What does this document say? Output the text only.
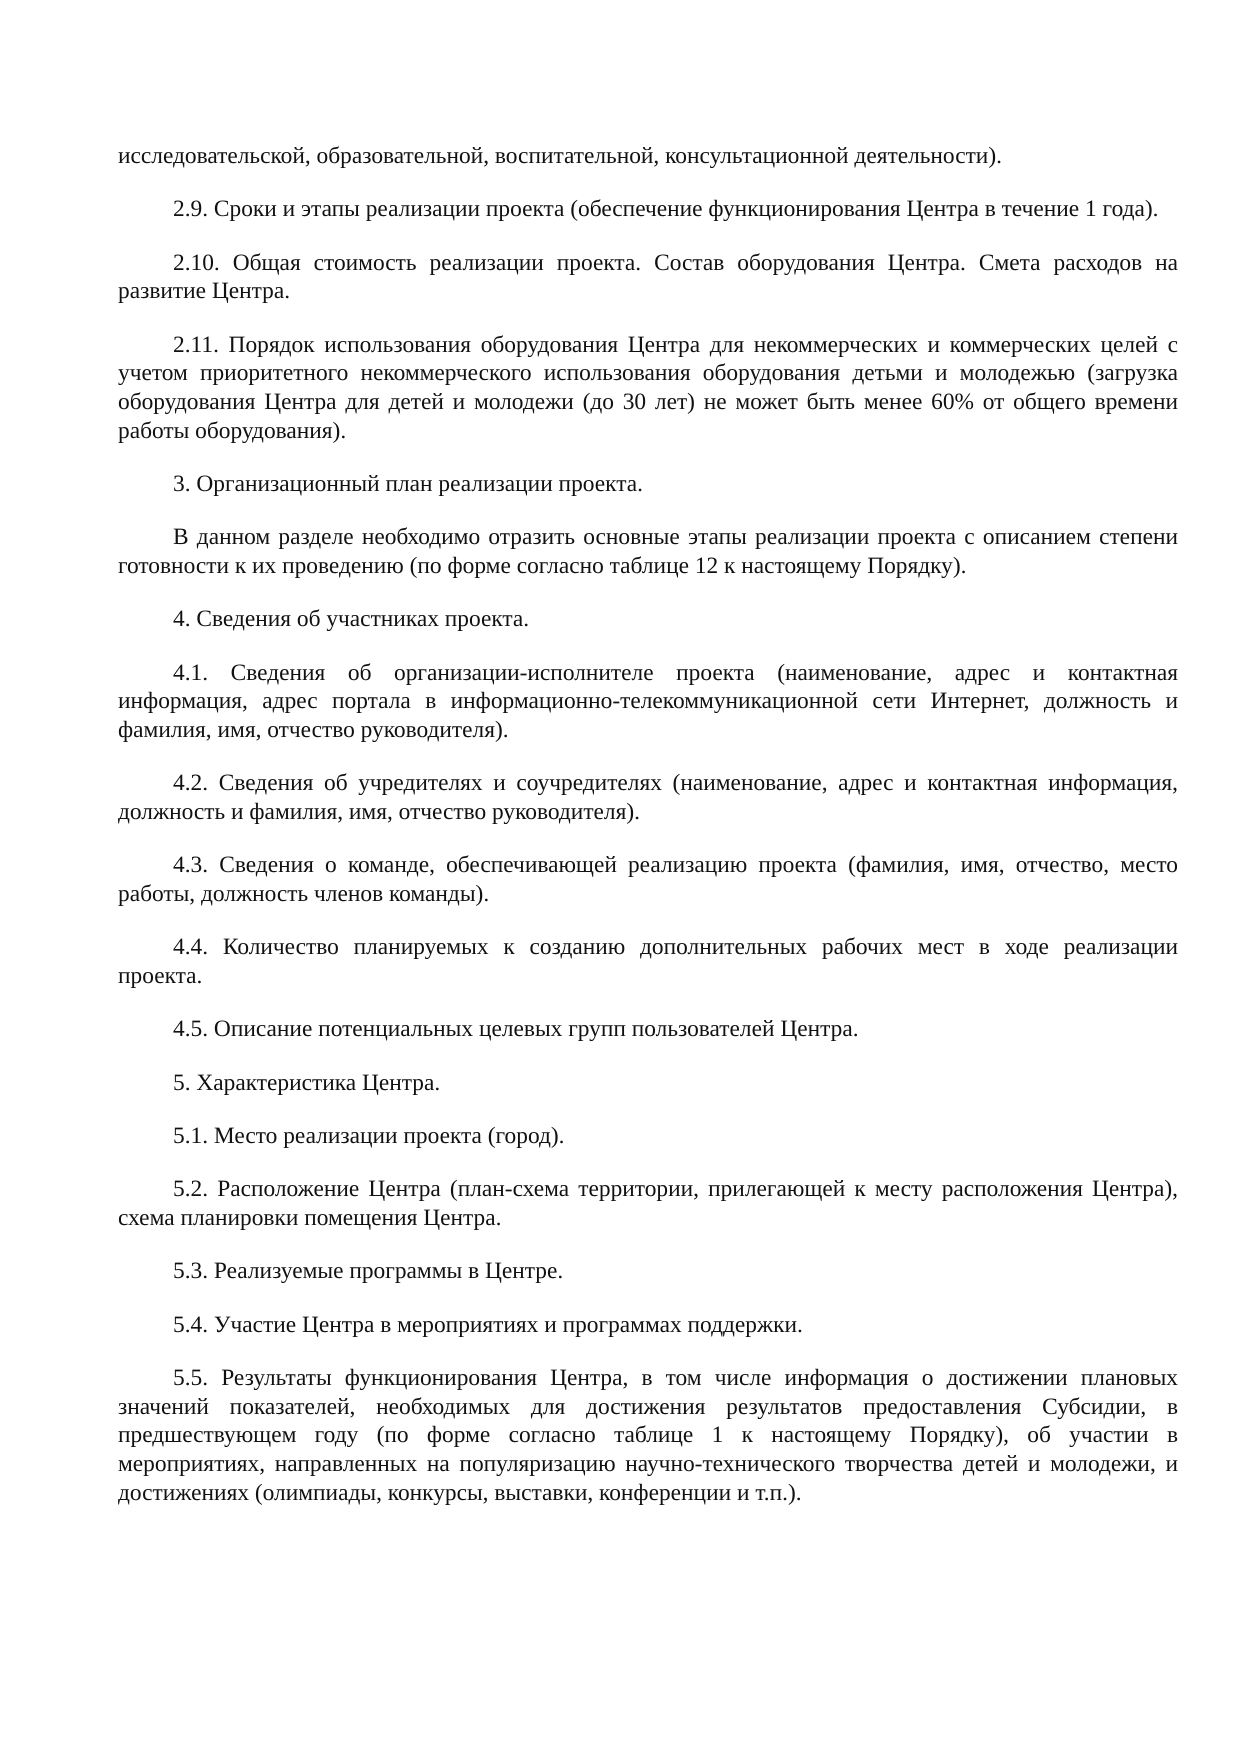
исследовательской, образовательной, воспитательной, консультационной деятельности).

2.9. Сроки и этапы реализации проекта (обеспечение функционирования Центра в течение 1 года).

2.10. Общая стоимость реализации проекта. Состав оборудования Центра. Смета расходов на развитие Центра.

2.11. Порядок использования оборудования Центра для некоммерческих и коммерческих целей с учетом приоритетного некоммерческого использования оборудования детьми и молодежью (загрузка оборудования Центра для детей и молодежи (до 30 лет) не может быть менее 60% от общего времени работы оборудования).

3. Организационный план реализации проекта.

В данном разделе необходимо отразить основные этапы реализации проекта с описанием степени готовности к их проведению (по форме согласно таблице 12 к настоящему Порядку).

4. Сведения об участниках проекта.

4.1. Сведения об организации-исполнителе проекта (наименование, адрес и контактная информация, адрес портала в информационно-телекоммуникационной сети Интернет, должность и фамилия, имя, отчество руководителя).

4.2. Сведения об учредителях и соучредителях (наименование, адрес и контактная информация, должность и фамилия, имя, отчество руководителя).

4.3. Сведения о команде, обеспечивающей реализацию проекта (фамилия, имя, отчество, место работы, должность членов команды).

4.4. Количество планируемых к созданию дополнительных рабочих мест в ходе реализации проекта.

4.5. Описание потенциальных целевых групп пользователей Центра.

5. Характеристика Центра.

5.1. Место реализации проекта (город).

5.2. Расположение Центра (план-схема территории, прилегающей к месту расположения Центра), схема планировки помещения Центра.

5.3. Реализуемые программы в Центре.

5.4. Участие Центра в мероприятиях и программах поддержки.

5.5. Результаты функционирования Центра, в том числе информация о достижении плановых значений показателей, необходимых для достижения результатов предоставления Субсидии, в предшествующем году (по форме согласно таблице 1 к настоящему Порядку), об участии в мероприятиях, направленных на популяризацию научно-технического творчества детей и молодежи, и достижениях (олимпиады, конкурсы, выставки, конференции и т.п.).
